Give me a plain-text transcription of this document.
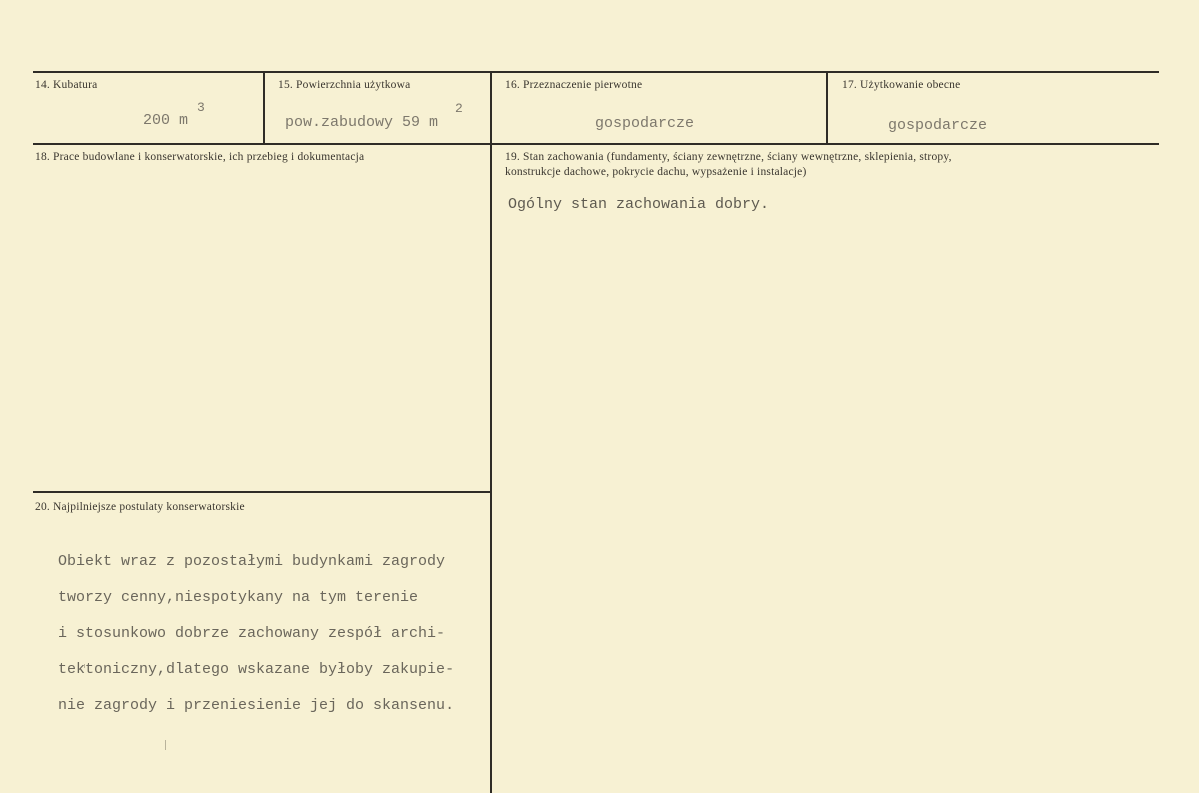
14. Kubatura
200 m
3
15. Powierzchnia użytkowa
pow.zabudowy 59 m
2
16. Przeznaczenie pierwotne
gospodarcze
17. Użytkowanie obecne
gospodarcze
18. Prace budowlane i konserwatorskie, ich przebieg i dokumentacja	19. Stan zachowania (fundamenty, ściany zewnętrzne, ściany wewnętrzne, sklepienia, stropy,
konstrukcje dachowe, pokrycie dachu, wypsażenie i instalacje)
Ogólny stan zachowania dobry.
20. Najpilniejsze postulaty konserwatorskie

Obiekt wraz z pozostałymi budynkami zagrody

tworzy cenny,niespotykany na tym terenie

i stosunkowo dobrze zachowany zespół archi-

tektoniczny,dlatego wskazane byłoby zakupie-

nie zagrody i przeniesienie jej do skansenu.
